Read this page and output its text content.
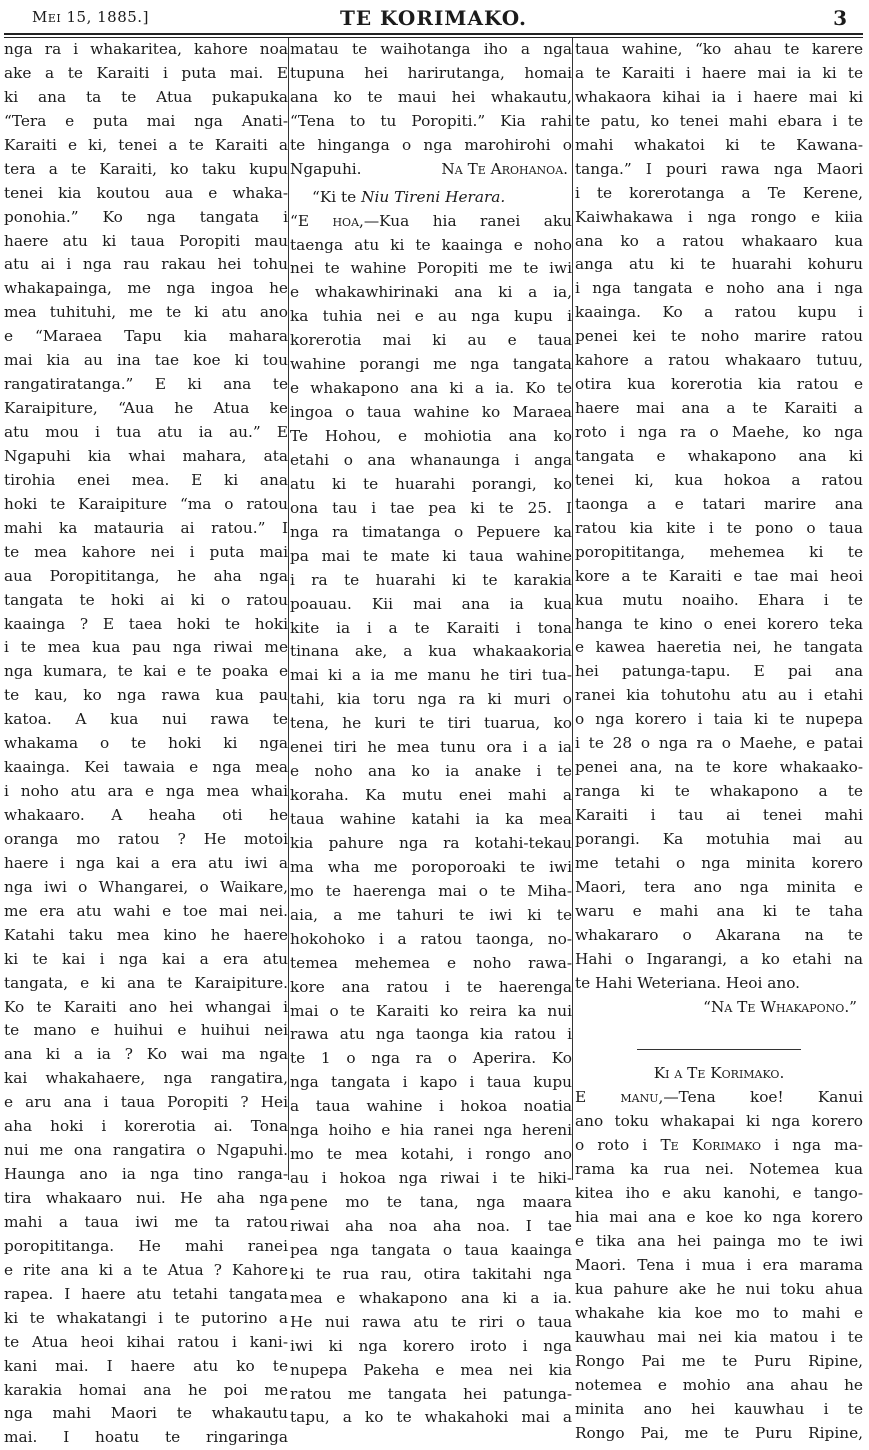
Mei 15, 1885.]	TE KORIMAKO.	3
nga ra i whakaritea, kahore noa
ake a te Karaiti i puta mai. E
ki ana ta te Atua pukapuka
“Tera e puta mai nga Anati-
Karaiti e ki, tenei a te Karaiti a
tera a te Karaiti, ko taku kupu
tenei kia koutou aua e whaka-
ponohia.” Ko nga tangata i
haere atu ki taua Poropiti mau
atu ai i nga rau rakau hei tohu
whakapainga, me nga ingoa he
mea tuhituhi, me te ki atu ano
e “Maraea Tapu kia mahara
mai kia au ina tae koe ki tou
rangatiratanga.” E ki ana te
Karaipiture, “Aua he Atua ke
atu mou i tua atu ia au.” E
Ngapuhi kia whai mahara, ata
tirohia enei mea. E ki ana
hoki te Karaipiture “ma o ratou
mahi ka matauria ai ratou.” I
te mea kahore nei i puta mai
aua Poropititanga, he aha nga
tangata te hoki ai ki o ratou
kaainga ? E taea hoki te hoki
i te mea kua pau nga riwai me
nga kumara, te kai e te poaka e
te kau, ko nga rawa kua pau
katoa. A kua nui rawa te
whakama o te hoki ki nga
kaainga. Kei tawaia e nga mea
i noho atu ara e nga mea whai
whakaaro. A heaha oti he
oranga mo ratou ? He motoi
haere i nga kai a era atu iwi a
nga iwi o Whangarei, o Waikare,
me era atu wahi e toe mai nei.
Katahi taku mea kino he haere
ki te kai i nga kai a era atu
tangata, e ki ana te Karaipiture.
Ko te Karaiti ano hei whangai i
te mano e huihui e huihui nei
ana ki a ia ? Ko wai ma nga
kai whakahaere, nga rangatira,
e aru ana i taua Poropiti ? Hei
aha hoki i korerotia ai. Tona
nui me ona rangatira o Ngapuhi.
Haunga ano ia nga tino ranga-
tira whakaaro nui. He aha nga
mahi a taua iwi me ta ratou
poropititanga. He mahi ranei
e rite ana ki a te Atua ? Kahore
rapea. I haere atu tetahi tangata
ki te whakatangi i te putorino a
te Atua heoi kihai ratou i kani-
kani mai. I haere atu ko te
karakia homai ana he poi me
nga mahi Maori te whakautu
mai. I hoatu te ringaringa
matau te waihotanga iho a nga
tupuna hei harirutanga, homai
ana ko te maui hei whakautu,
“Tena to tu Poropiti.” Kia rahi
te hinganga o nga marohirohi o
Ngapuhi.	Na Te Arohanoa.
“Ki te Niu Tireni Herara.
“E hoa,—Kua hia ranei aku
taenga atu ki te kaainga e noho
nei te wahine Poropiti me te iwi
e whakawhirinaki ana ki a ia,
ka tuhia nei e au nga kupu i
korerotia mai ki au e taua
wahine porangi me nga tangata
e whakapono ana ki a ia. Ko te
ingoa o taua wahine ko Maraea
Te Hohou, e mohiotia ana ko
etahi o ana whanaunga i anga
atu ki te huarahi porangi, ko
ona tau i tae pea ki te 25. I
nga ra timatanga o Pepuere ka
pa mai te mate ki taua wahine
i ra te huarahi ki te karakia
poauau. Kii mai ana ia kua
kite ia i a te Karaiti i tona
tinana ake, a kua whakaakoria
mai ki a ia me manu he tiri tua-
tahi, kia toru nga ra ki muri o
tena, he kuri te tiri tuarua, ko
enei tiri he mea tunu ora i a ia
e noho ana ko ia anake i te
koraha. Ka mutu enei mahi a
taua wahine katahi ia ka mea
kia pahure nga ra kotahi-tekau
ma wha me poroporoaki te iwi
mo te haerenga mai o te Miha-
aia, a me tahuri te iwi ki te
hokohoko i a ratou taonga, no-
temea mehemea e noho rawa-
kore ana ratou i te haerenga
mai o te Karaiti ko reira ka nui
rawa atu nga taonga kia ratou i
te 1 o nga ra o Aperira. Ko
nga tangata i kapo i taua kupu
a taua wahine i hokoa noatia
nga hoiho e hia ranei nga hereni
mo te mea kotahi, i rongo ano
au i hokoa nga riwai i te hiki-
pene mo te tana, nga maara
riwai aha noa aha noa. I tae
pea nga tangata o taua kaainga
ki te rua rau, otira takitahi nga
mea e whakapono ana ki a ia.
He nui rawa atu te riri o taua
iwi ki nga korero iroto i nga
nupepa Pakeha e mea nei kia
ratou me tangata hei patunga-
tapu, a ko te whakahoki mai a
taua wahine, “ko ahau te karere
a te Karaiti i haere mai ia ki te
whakaora kihai ia i haere mai ki
te patu, ko tenei mahi ebara i te
mahi whakatoi ki te Kawana-
tanga.” I pouri rawa nga Maori
i te korerotanga a Te Kerene,
Kaiwhakawa i nga rongo e kiia
ana ko a ratou whakaaro kua
anga atu ki te huarahi kohuru
i nga tangata e noho ana i nga
kaainga. Ko a ratou kupu i
penei kei te noho marire ratou
kahore a ratou whakaaro tutuu,
otira kua korerotia kia ratou e
haere mai ana a te Karaiti a
roto i nga ra o Maehe, ko nga
tangata e whakapono ana ki
tenei ki, kua hokoa a ratou
taonga a e tatari marire ana
ratou kia kite i te pono o taua
poropititanga, mehemea ki te
kore a te Karaiti e tae mai heoi
kua mutu noaiho. Ehara i te
hanga te kino o enei korero teka
e kawea haeretia nei, he tangata
hei patunga-tapu. E pai ana
ranei kia tohutohu atu au i etahi
o nga korero i taia ki te nupepa
i te 28 o nga ra o Maehe, e patai
penei ana, na te kore whakaako-
ranga ki te whakapono a te
Karaiti i tau ai tenei mahi
porangi. Ka motuhia mai au
me tetahi o nga minita korero
Maori, tera ano nga minita e
waru e mahi ana ki te taha
whakararo o Akarana na te
Hahi o Ingarangi, a ko etahi na
te Hahi Weteriana. Heoi ano.
“Na Te Whakapono.”
Ki a Te Korimako.
E manu,—Tena koe! Kanui
ano toku whakapai ki nga korero
o roto i Te Korimako i nga ma-
rama ka rua nei. Notemea kua
kitea iho e aku kanohi, e tango-
hia mai ana e koe ko nga korero
e tika ana hei painga mo te iwi
Maori. Tena i mua i era marama
kua pahure ake he nui toku ahua
whakahe kia koe mo to mahi e
kauwhau mai nei kia matou i te
Rongo Pai me te Puru Ripine,
notemea e mohio ana ahau he
minita ano hei kauwhau i te
Rongo Pai, me te Puru Ripine,
